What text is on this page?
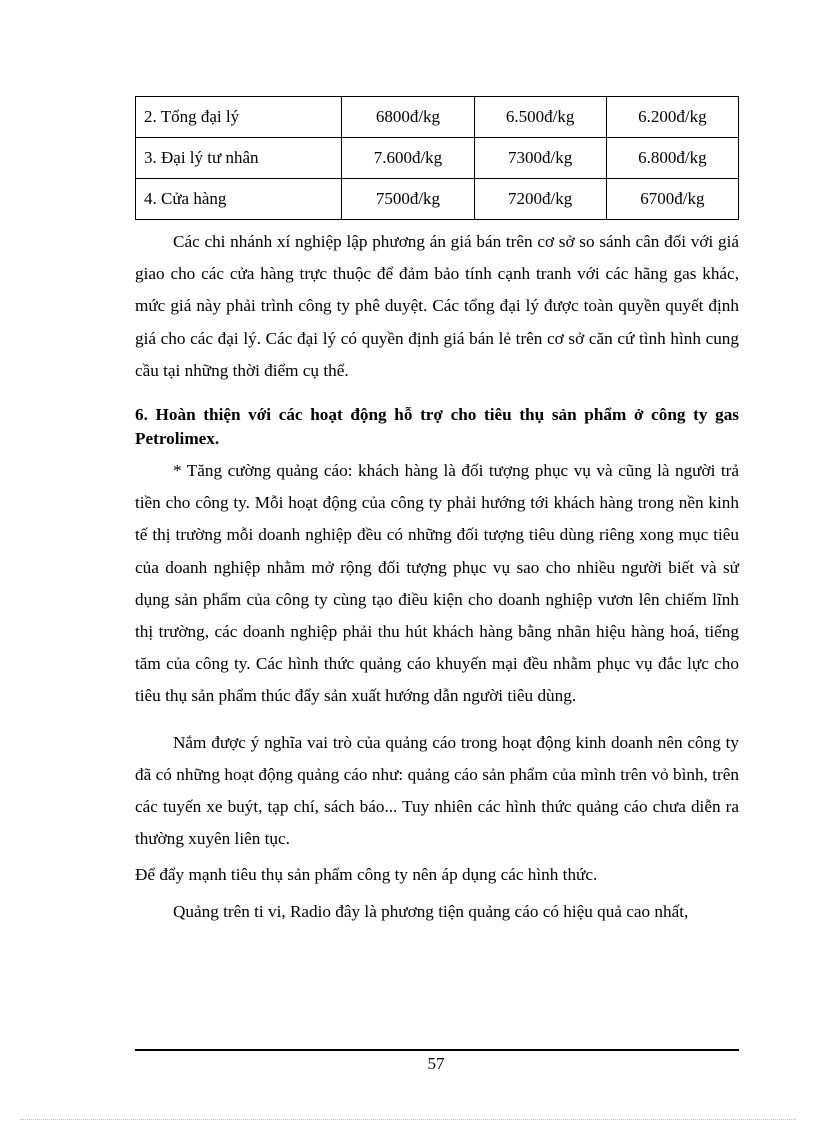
2. Tổng đại lý	6800đ/kg	6.500đ/kg	6.200đ/kg
3. Đại lý tư nhân	7.600đ/kg	7300đ/kg	6.800đ/kg
4. Cửa hàng	7500đ/kg	7200đ/kg	6700đ/kg

Các chi nhánh xí nghiệp lập phương án giá bán trên cơ sở so sánh cân đối với giá giao cho các cửa hàng trực thuộc để đảm bảo tính cạnh tranh với các hãng gas khác, mức giá này phải trình công ty phê duyệt. Các tổng đại lý được toàn quyền quyết định giá cho các đại lý. Các đại lý có quyền định giá bán lẻ trên cơ sở căn cứ tình hình cung cầu tại những thời điểm cụ thể.

6. Hoàn thiện với các hoạt động hỗ trợ cho tiêu thụ sản phẩm ở công ty gas Petrolimex.

* Tăng cường quảng cáo: khách hàng là đối tượng phục vụ và cũng là người trả tiền cho công ty. Mỗi hoạt động của công ty phải hướng tới khách hàng trong nền kinh tế thị trường mỗi doanh nghiệp đều có những đối tượng tiêu dùng riêng xong mục tiêu của doanh nghiệp nhằm mở rộng đối tượng phục vụ sao cho nhiều người biết và sử dụng sản phẩm của công ty cùng tạo điều kiện cho doanh nghiệp vươn lên chiếm lĩnh thị trường, các doanh nghiệp phải thu hút khách hàng bằng nhãn hiệu hàng hoá, tiếng tăm của công ty. Các hình thức quảng cáo khuyến mại đều nhằm phục vụ đắc lực cho tiêu thụ sản phẩm thúc đẩy sản xuất hướng dẫn người tiêu dùng.

Nắm được ý nghĩa vai trò của quảng cáo trong hoạt động kinh doanh nên công ty đã có những hoạt động quảng cáo như: quảng cáo sản phẩm của mình trên vỏ bình, trên các tuyến xe buýt, tạp chí, sách báo... Tuy nhiên các hình thức quảng cáo chưa diễn ra thường xuyên liên tục.

Để đẩy mạnh tiêu thụ sản phẩm công ty nên áp dụng các hình thức.

Quảng trên ti vi, Radio đây là phương tiện quảng cáo có hiệu quả cao nhất,

57
